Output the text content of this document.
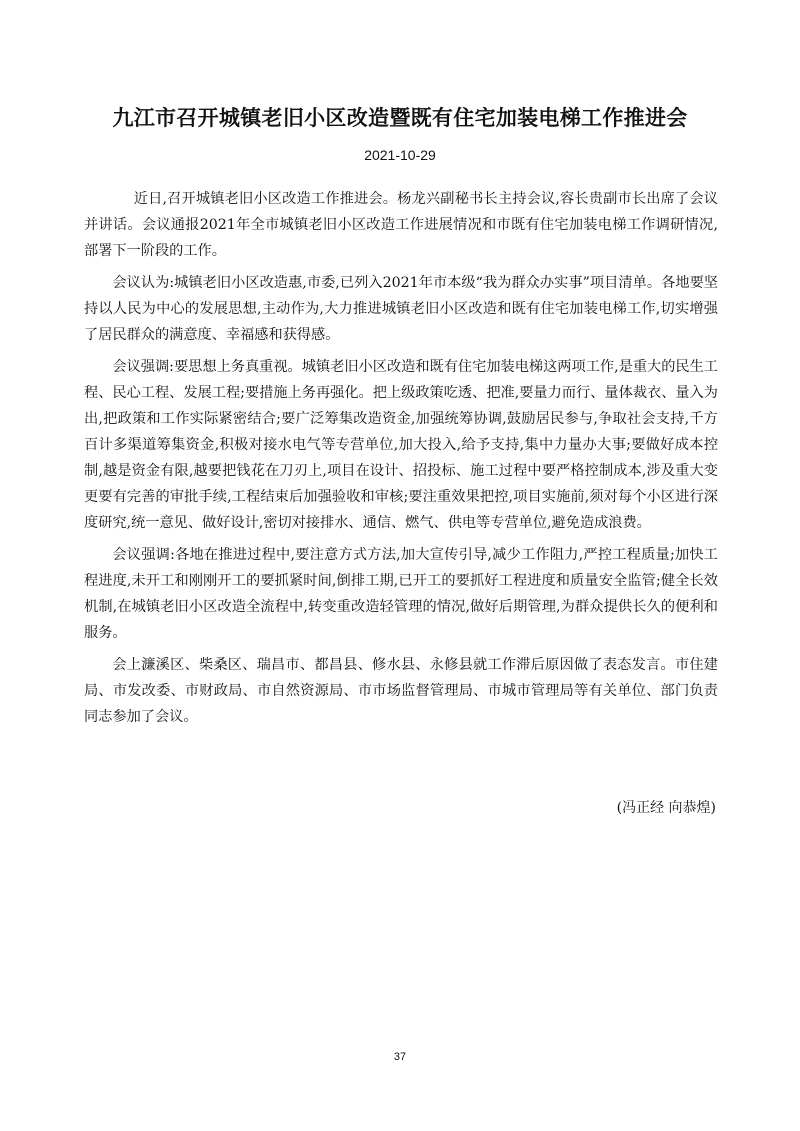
九江市召开城镇老旧小区改造暨既有住宅加装电梯工作推进会
2021-10-29

近日,召开城镇老旧小区改造工作推进会。杨龙兴副秘书长主持会议,容长贵副市长出席了会议并讲话。会议通报2021年全市城镇老旧小区改造工作进展情况和市既有住宅加装电梯工作调研情况,部署下一阶段的工作。

会议认为:城镇老旧小区改造惠,市委,已列入2021年市本级“我为群众办实事”项目清单。各地要坚持以人民为中心的发展思想,主动作为,大力推进城镇老旧小区改造和既有住宅加装电梯工作,切实增强了居民群众的满意度、幸福感和获得感。

会议强调:要思想上务真重视。城镇老旧小区改造和既有住宅加装电梯这两项工作,是重大的民生工程、民心工程、发展工程;要措施上务再强化。把上级政策吃透、把准,要量力而行、量体裁衣、量入为出,把政策和工作实际紧密结合;要广泛筹集改造资金,加强统筹协调,鼓励居民参与,争取社会支持,千方百计多渠道筹集资金,积极对接水电气等专营单位,加大投入,给予支持,集中力量办大事;要做好成本控制,越是资金有限,越要把钱花在刀刃上,项目在设计、招投标、施工过程中要严格控制成本,涉及重大变更要有完善的审批手续,工程结束后加强验收和审核;要注重效果把控,项目实施前,须对每个小区进行深度研究,统一意见、做好设计,密切对接排水、通信、燃气、供电等专营单位,避免造成浪费。

会议强调:各地在推进过程中,要注意方式方法,加大宣传引导,减少工作阻力,严控工程质量;加快工程进度,未开工和刚刚开工的要抓紧时间,倒排工期,已开工的要抓好工程进度和质量安全监管;健全长效机制,在城镇老旧小区改造全流程中,转变重改造轻管理的情况,做好后期管理,为群众提供长久的便利和服务。

会上濂溪区、柴桑区、瑞昌市、都昌县、修水县、永修县就工作滞后原因做了表态发言。市住建局、市发改委、市财政局、市自然资源局、市市场监督管理局、市城市管理局等有关单位、部门负责同志参加了会议。

(冯正经 向恭煌)
37
